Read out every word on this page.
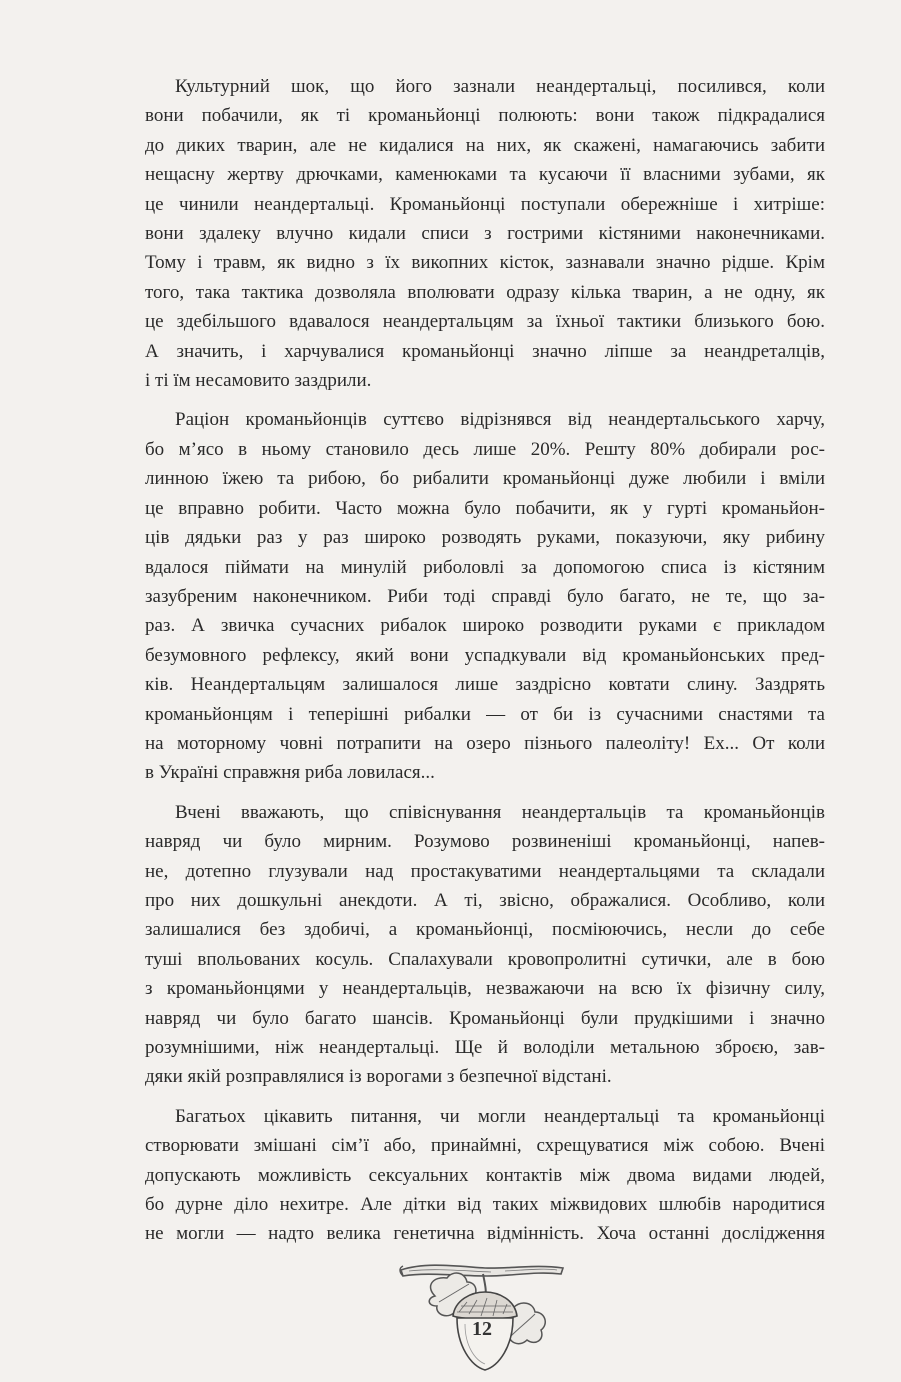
Культурний шок, що його зазнали неандертальці, посилився, коли
вони побачили, як ті кроманьйонці полюють: вони також підкрадалися
до диких тварин, але не кидалися на них, як скажені, намагаючись забити
нещасну жертву дрючками, каменюками та кусаючи її власними зубами, як
це чинили неандертальці. Кроманьйонці поступали обережніше і хитріше:
вони здалеку влучно кидали списи з гострими кістяними наконечниками.
Тому і травм, як видно з їх викопних кісток, зазнавали значно рідше. Крім
того, така тактика дозволяла вполювати одразу кілька тварин, а не одну, як
це здебільшого вдавалося неандертальцям за їхньої тактики близького бою.
А значить, і харчувалися кроманьйонці значно ліпше за неандреталців,
і ті їм несамовито заздрили.

Раціон кроманьйонців суттєво відрізнявся від неандертальського харчу,
бо м’ясо в ньому становило десь лише 20%. Решту 80% добирали рос-
линною їжею та рибою, бо рибалити кроманьйонці дуже любили і вміли
це вправно робити. Часто можна було побачити, як у гурті кроманьйон-
ців дядьки раз у раз широко розводять руками, показуючи, яку рибину
вдалося піймати на минулій риболовлі за допомогою списа із кістяним
зазубреним наконечником. Риби тоді справді було багато, не те, що за-
раз. А звичка сучасних рибалок широко розводити руками є прикладом
безумовного рефлексу, який вони успадкували від кроманьйонських пред-
ків. Неандертальцям залишалося лише заздрісно ковтати слину. Заздрять
кроманьйонцям і теперішні рибалки — от би із сучасними снастями та
на моторному човні потрапити на озеро пізнього палеоліту! Ех... От коли
в Україні справжня риба ловилася...

Вчені вважають, що співіснування неандертальців та кроманьйонців
навряд чи було мирним. Розумово розвиненіші кроманьйонці, напев-
не, дотепно глузували над простакуватими неандертальцями та складали
про них дошкульні анекдоти. А ті, звісно, ображалися. Особливо, коли
залишалися без здобичі, а кроманьйонці, посміюючись, несли до себе
туші впольованих косуль. Спалахували кровопролитні сутички, але в бою
з кроманьйонцями у неандертальців, незважаючи на всю їх фізичну силу,
навряд чи було багато шансів. Кроманьйонці були прудкішими і значно
розумнішими, ніж неандертальці. Ще й володіли метальною зброєю, зав-
дяки якій розправлялися із ворогами з безпечної відстані.

Багатьох цікавить питання, чи могли неандертальці та кроманьйонці
створювати змішані сім’ї або, принаймні, схрещуватися між собою. Вчені
допускають можливість сексуальних контактів між двома видами людей,
бо дурне діло нехитре. Але дітки від таких міжвидових шлюбів народитися
не могли — надто велика генетична відмінність. Хоча останні дослідження

12
